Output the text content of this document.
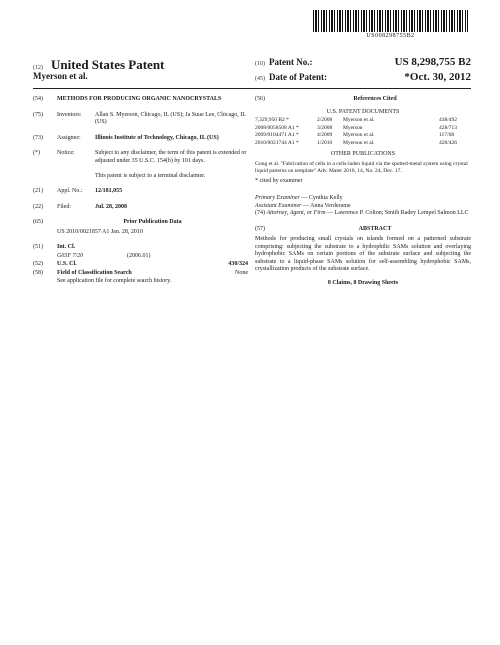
US008298755B2
(12) United States Patent
Myerson et al.
(10) Patent No.:	US 8,298,755 B2
(45) Date of Patent:	*Oct. 30, 2012
(54)	METHODS FOR PRODUCING ORGANIC NANOCRYSTALS
(75)	Inventors:	Allan S. Myerson, Chicago, IL (US); Ja Suue Lee, Chicago, IL (US)
(73)	Assignee:	Illinois Institute of Technology, Chicago, IL (US)
(*)	Notice:	Subject to any disclaimer, the term of this patent is extended or adjusted under 35 U.S.C. 154(b) by 101 days.

This patent is subject to a terminal disclaimer.
(21)	Appl. No.:	12/181,055
(22)	Filed:	Jul. 28, 2008
(65)	Prior Publication Data
US 2010/0021857 A1 Jan. 28, 2010
(51)	Int. Cl.
G03F 7/20	(2006.01)
(52)	U.S. Cl.	430/324
(58)	Field of Classification Search	None
See application file for complete search history.
(56)	References Cited
U.S. PATENT DOCUMENTS
7,329,950 B2 *	2/2008	Myerson et al.	438/492
2008/0058508 A1 *	3/2008	Myerson	428/713
2009/0104471 A1 *	4/2009	Myerson et al.	117/68
2010/0021744 A1 *	1/2010	Myerson et al.	428/426
OTHER PUBLICATIONS
Gong et al. "Fabrication of cells in a cells-laden liquid via the spotted-metal system using crystal liquid patterns on template" Adv. Mater 2010, 14, No. 24, Dec. 17.
* cited by examiner
Primary Examiner — Cynthia Kelly
Assistant Examiner — Anna Verderame
(74) Attorney, Agent, or Firm — Lawrence P. Colton; Smith Radey Lempel Salmon LLC
(57)	ABSTRACT
Methods for producing small crystals on islands formed on a patterned substrate comprising: subjecting the substrate to a hydrophilic SAMs solution and overlaying hydrophobic SAMs on certain portions of the substrate surface and subjecting the substrate to a liquid-phase SAMs solution for self-assembling hydrophobic SAMs, crystallization products of the substrate surface.
8 Claims, 8 Drawing Sheets
